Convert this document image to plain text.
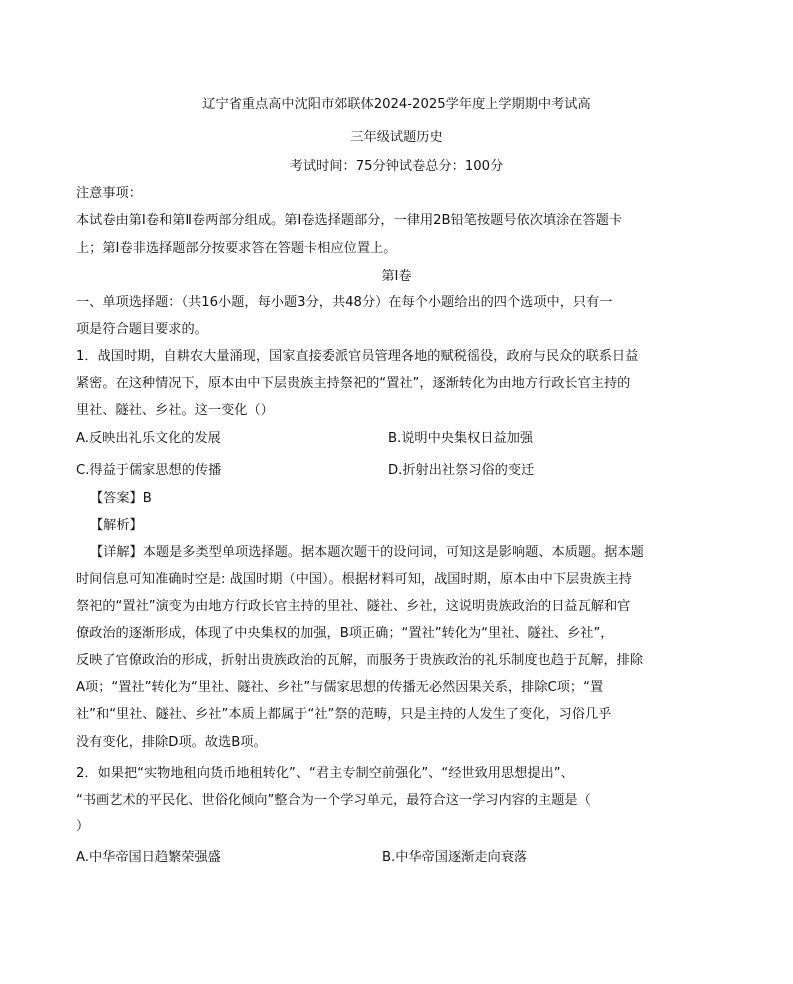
辽宁省重点高中沈阳市郊联体2024-2025学年度上学期期中考试高
三年级试题历史
考试时间：75分钟试卷总分：100分
注意事项：
本试卷由第Ⅰ卷和第Ⅱ卷两部分组成。第Ⅰ卷选择题部分，一律用2B铅笔按题号依次填涂在答题卡
上；第Ⅰ卷非选择题部分按要求答在答题卡相应位置上。
第Ⅰ卷
一、单项选择题：（共16小题，每小题3分，共48分）在每个小题给出的四个选项中，只有一
项是符合题目要求的。
1．战国时期，自耕农大量涌现，国家直接委派官员管理各地的赋税徭役，政府与民众的联系日益
紧密。在这种情况下，原本由中下层贵族主持祭祀的“置社”，逐渐转化为由地方行政长官主持的
里社、隧社、乡社。这一变化（）
A.反映出礼乐文化的发展	B.说明中央集权日益加强
C.得益于儒家思想的传播	D.折射出社祭习俗的变迁
【答案】B
【解析】
【详解】本题是多类型单项选择题。据本题次题干的设问词，可知这是影响题、本质题。据本题
时间信息可知准确时空是: 战国时期（中国）。根据材料可知，战国时期，原本由中下层贵族主持
祭祀的“置社”演变为由地方行政长官主持的里社、隧社、乡社，这说明贵族政治的日益瓦解和官
僚政治的逐渐形成，体现了中央集权的加强，B项正确；“置社”转化为“里社、隧社、乡社”，
反映了官僚政治的形成，折射出贵族政治的瓦解，而服务于贵族政治的礼乐制度也趋于瓦解，排除
A项；“置社”转化为“里社、隧社、乡社”与儒家思想的传播无必然因果关系，排除C项；“置
社”和“里社、隧社、乡社”本质上都属于“社”祭的范畴，只是主持的人发生了变化，习俗几乎
没有变化，排除D项。故选B项。
2．如果把“实物地租向货币地租转化”、“君主专制空前强化”、“经世致用思想提出”、
“书画艺术的平民化、世俗化倾向”整合为一个学习单元，最符合这一学习内容的主题是（
）
A.中华帝国日趋繁荣强盛	B.中华帝国逐渐走向衰落
